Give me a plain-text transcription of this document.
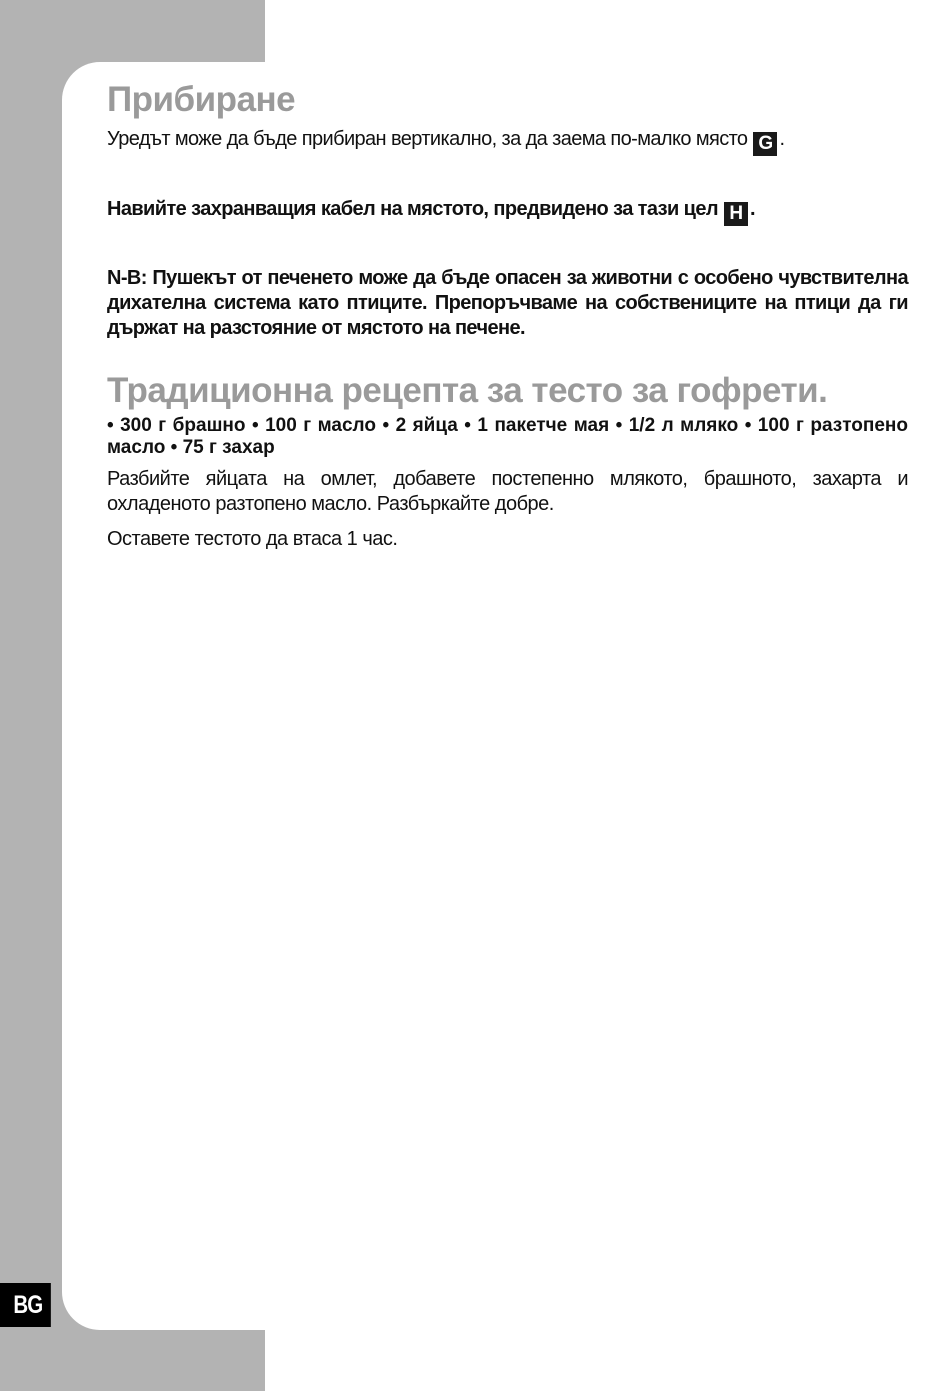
BG
Прибиране

Уредът може да бъде прибиран вертикално, за да заема по-малко място G .

Навийте захранващия кабел на мястото, предвидено за тази цел H .

N-B: Пушекът от печенето може да бъде опасен за животни с особено чувствителна дихателна система като птиците. Препоръчваме на собствениците на птици да ги държат на разстояние от мястото на печене.

Традиционна рецепта за тесто за гофрети.

• 300 г брашно • 100 г масло • 2 яйца • 1 пакетче мая • 1/2 л мляко • 100 г разтопено масло • 75 г захар

Разбийте яйцата на омлет, добавете постепенно млякото, брашното, захарта и охладеното разтопено масло. Разбъркайте добре.

Оставете тестото да втаса 1 час.
